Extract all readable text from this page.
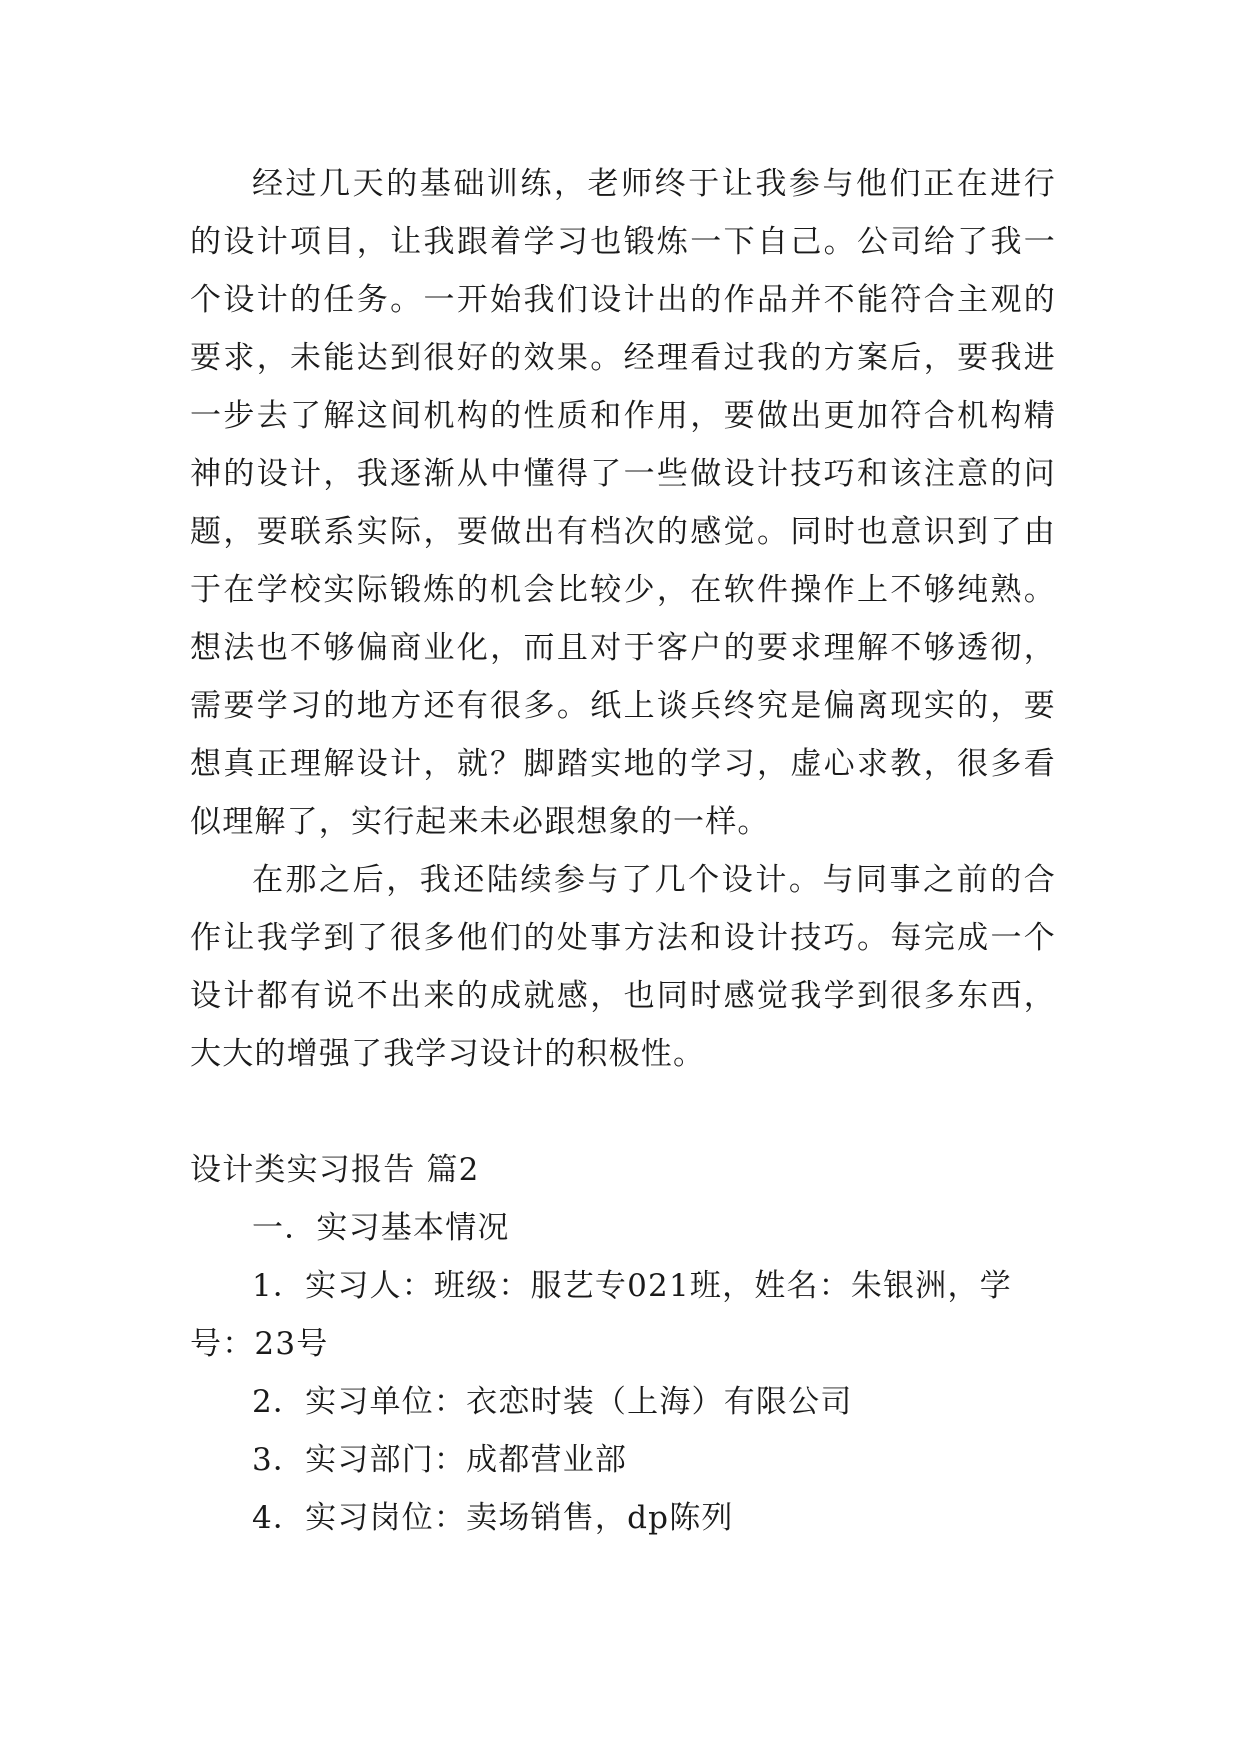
经过几天的基础训练，老师终于让我参与他们正在进行的设计项目，让我跟着学习也锻炼一下自己。公司给了我一个设计的任务。一开始我们设计出的作品并不能符合主观的要求，未能达到很好的效果。经理看过我的方案后，要我进一步去了解这间机构的性质和作用，要做出更加符合机构精神的设计，我逐渐从中懂得了一些做设计技巧和该注意的问题，要联系实际，要做出有档次的感觉。同时也意识到了由于在学校实际锻炼的机会比较少，在软件操作上不够纯熟。想法也不够偏商业化，而且对于客户的要求理解不够透彻，需要学习的地方还有很多。纸上谈兵终究是偏离现实的，要想真正理解设计，就？脚踏实地的学习，虚心求教，很多看似理解了，实行起来未必跟想象的一样。

在那之后，我还陆续参与了几个设计。与同事之前的合作让我学到了很多他们的处事方法和设计技巧。每完成一个设计都有说不出来的成就感，也同时感觉我学到很多东西，大大的增强了我学习设计的积极性。

设计类实习报告 篇2

一．实习基本情况

1．实习人：班级：服艺专021班，姓名：朱银洲，学号：23号

2．实习单位：衣恋时装（上海）有限公司

3．实习部门：成都营业部

4．实习岗位：卖场销售，dp陈列
